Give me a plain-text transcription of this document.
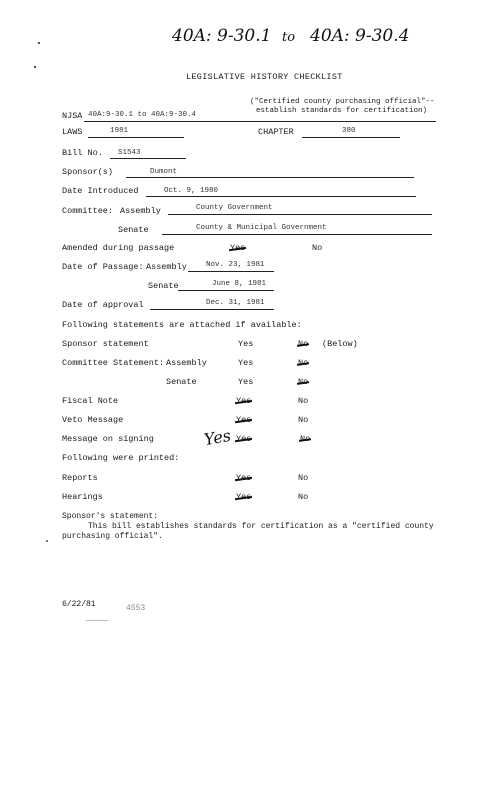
40A: 9-30.1 to 40A: 9-30.4
LEGISLATIVE HISTORY CHECKLIST
NJSA 40A:9-30.1 to 40A:9-30.4
("Certified county purchasing official"--
establish standards for certification)
LAWS	1981	CHAPTER	380
Bill No. S1543
Sponsor(s)	Dumont
Date Introduced	Oct. 9, 1980
Committee: Assembly	County Government
Senate	County & Municipal Government
Amended during passage	Yes	No
Date of Passage: Assembly	Nov. 23, 1981
Senate	June 8, 1981
Date of approval	Dec. 31, 1981
Following statements are attached if available:
Sponsor statement	Yes	No (Below)
Committee Statement: Assembly	Yes	No
Senate	Yes	No
Fiscal Note	Yes	No
Veto Message	Yes	No
Message on signing	Yes Yes	No
Following were printed:
Reports	Yes	No
Hearings	Yes	No
Sponsor's statement:
This bill establishes standards for certification as a "certified county
purchasing official".
6/22/81	4553
